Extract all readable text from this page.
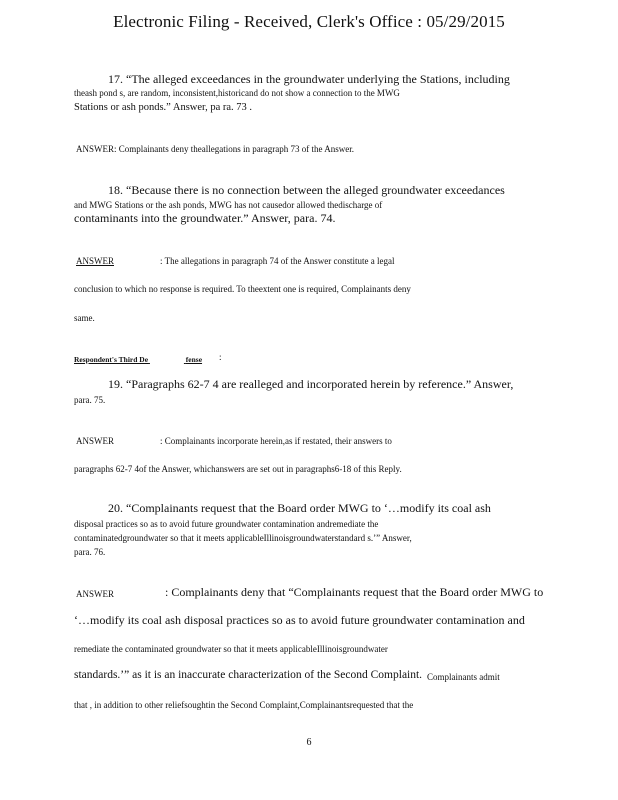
Electronic Filing - Received, Clerk's Office : 05/29/2015
17. “The alleged exceedances in the groundwater underlying the Stations, including
theash pond s, are random, inconsistent,historicand do not show a connection to the MWG
Stations or ash ponds.” Answer, pa ra. 73 .
ANSWER: Complainants deny theallegations in paragraph 73 of the Answer.
18. “Because there is no connection between the alleged groundwater exceedances
and MWG Stations or the ash ponds, MWG has not causedor allowed thedischarge of
contaminants into the groundwater.” Answer, para. 74.
ANSWER	: The allegations in paragraph 74 of the Answer constitute a legal
conclusion to which no response is required. To theextent one is required, Complainants deny
same.
Respondent's Third De	fense	:
19. “Paragraphs 62-7 4 are realleged and incorporated herein by reference.” Answer,
para. 75.
ANSWER	: Complainants incorporate herein,as if restated, their answers to
paragraphs 62-7 4of the Answer, whichanswers are set out in paragraphs6-18 of this Reply.
20. “Complainants request that the Board order MWG to ‘…modify its coal ash
disposal practices so as to avoid future groundwater contamination andremediate the
contaminatedgroundwater so that it meets applicableIllinoisgroundwaterstandard s.’” Answer,
para. 76.
ANSWER	: Complainants deny that “Complainants request that the Board order MWG to
‘…modify its coal ash disposal practices so as to avoid future groundwater contamination and
remediate the contaminated groundwater so that it meets applicableIllinoisgroundwater
standards.’” as it is an inaccurate characterization of the Second Complaint. Complainants admit
that , in addition to other reliefsoughtin the Second Complaint,Complainantsrequested that the
6
